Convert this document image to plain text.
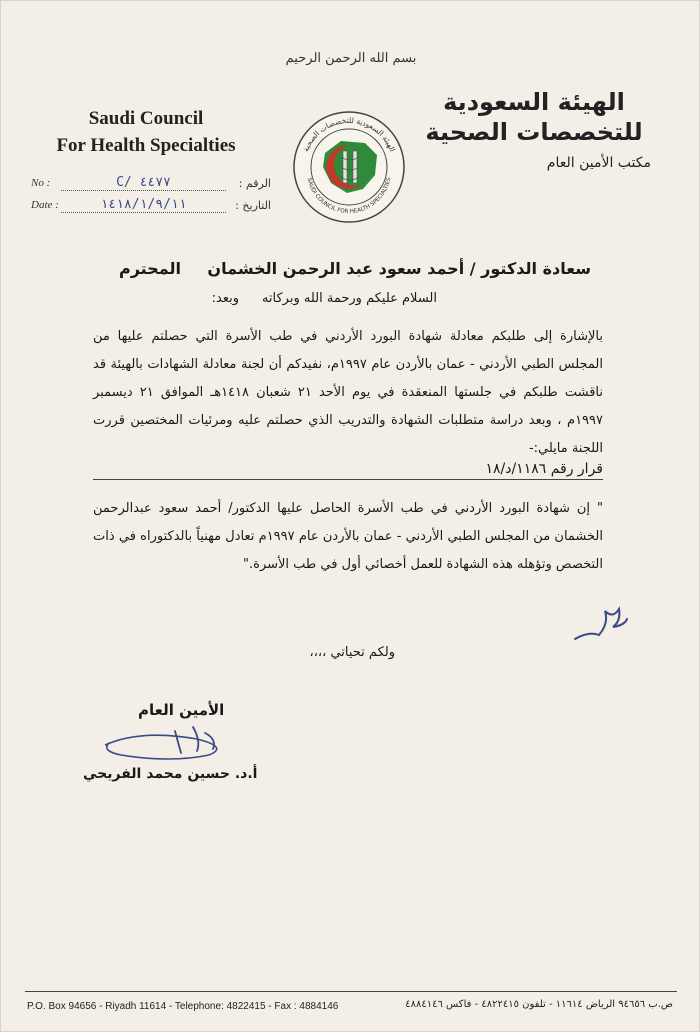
بسم الله الرحمن الرحيم
Saudi Council
For Health Specialties
الهيئة السعودية
للتخصصات الصحية
مكتب الأمين العام
الهيئة السعودية للتخصصات الصحية
SAUDI COUNCIL FOR HEALTH SPECIALTIES
No :	C/ ٤٤٧٧	الرقم :
Date :	١٤١٨/١/٩/١١	التاريخ :
سعادة الدكتور / أحمد سعود عبد الرحمن الخشمان
المحترم
السلام عليكم ورحمة الله وبركاته
وبعد:
بالإشارة إلى طلبكم معادلة شهادة البورد الأردني في طب الأسرة التي حصلتم عليها من المجلس الطبي الأردني - عمان بالأردن عام ١٩٩٧م، نفيدكم أن لجنة معادلة الشهادات بالهيئة قد ناقشت طلبكم في جلستها المنعقدة في يوم الأحد ٢١ شعبان ١٤١٨هـ الموافق ٢١ ديسمبر ١٩٩٧م ، وبعد دراسة متطلبات الشهادة والتدريب الذي حصلتم عليه ومرئيات المختصين قررت اللجنة مايلي:-
قرار رقم ١١٨٦/د/١٨
" إن شهادة البورد الأردني في طب الأسرة الحاصل عليها الدكتور/ أحمد سعود عبدالرحمن الخشمان من المجلس الطبي الأردني - عمان بالأردن عام ١٩٩٧م تعادل مهنياً بالدكتوراه في ذات التخصص وتؤهله هذه الشهادة للعمل أخصائي أول في طب الأسرة."
ولكم تحياتي ،،،،
الأمين العام
أ.د. حسين محمد الفريحي
P.O. Box 94656 - Riyadh 11614 - Telephone: 4822415 - Fax : 4884146	ص.ب ٩٤٦٥٦ الرياض ١١٦١٤ - تلفون ٤٨٢٢٤١٥ - فاكس ٤٨٨٤١٤٦
